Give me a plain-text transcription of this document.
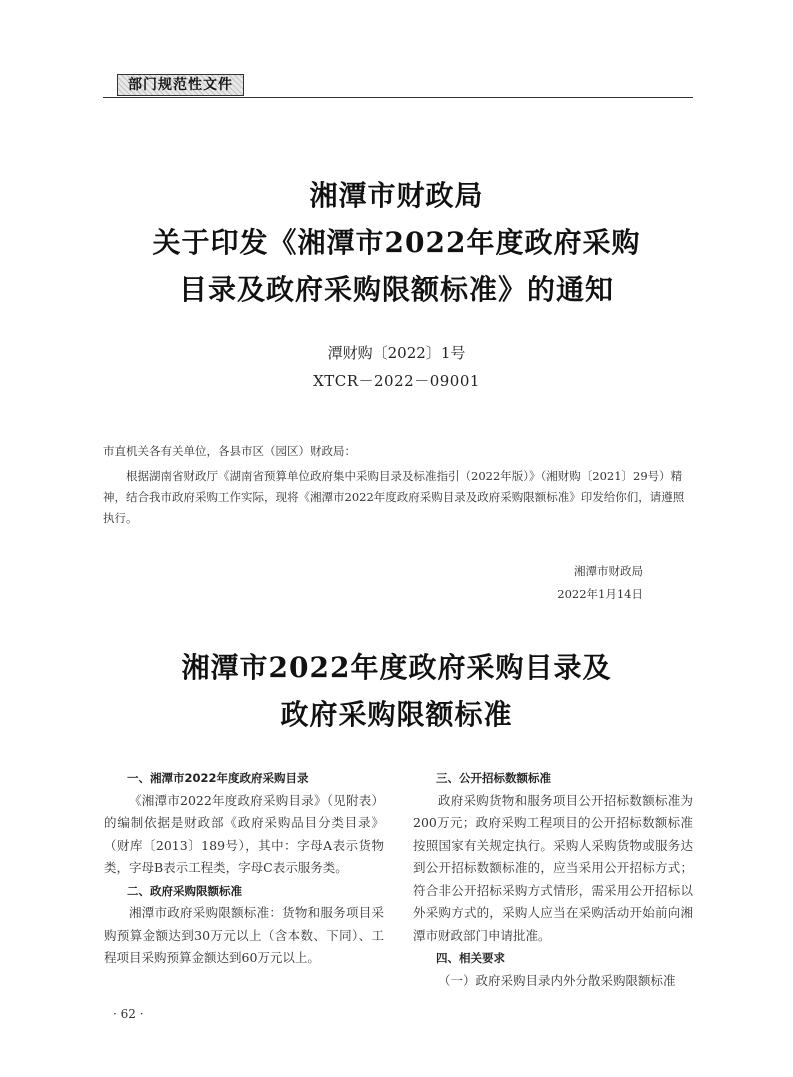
部门规范性文件
湘潭市财政局
关于印发《湘潭市2022年度政府采购
目录及政府采购限额标准》的通知
潭财购〔2022〕1号
XTCR－2022－09001
市直机关各有关单位，各县市区（园区）财政局：
根据湖南省财政厅《湖南省预算单位政府集中采购目录及标准指引（2022年版）》（湘财购〔2021〕29号）精神，结合我市政府采购工作实际，现将《湘潭市2022年度政府采购目录及政府采购限额标准》印发给你们，请遵照执行。
湘潭市财政局
2022年1月14日
湘潭市2022年度政府采购目录及
政府采购限额标准
一、湘潭市2022年度政府采购目录
《湘潭市2022年度政府采购目录》（见附表）的编制依据是财政部《政府采购品目分类目录》（财库〔2013〕189号），其中：字母A表示货物类，字母B表示工程类，字母C表示服务类。
二、政府采购限额标准
湘潭市政府采购限额标准：货物和服务项目采购预算金额达到30万元以上（含本数、下同）、工程项目采购预算金额达到60万元以上。
三、公开招标数额标准
政府采购货物和服务项目公开招标数额标准为200万元；政府采购工程项目的公开招标数额标准按照国家有关规定执行。采购人采购货物或服务达到公开招标数额标准的，应当采用公开招标方式；符合非公开招标采购方式情形，需采用公开招标以外采购方式的，采购人应当在采购活动开始前向湘潭市财政部门申请批准。
四、相关要求
（一）政府采购目录内外分散采购限额标准
· 62 ·
